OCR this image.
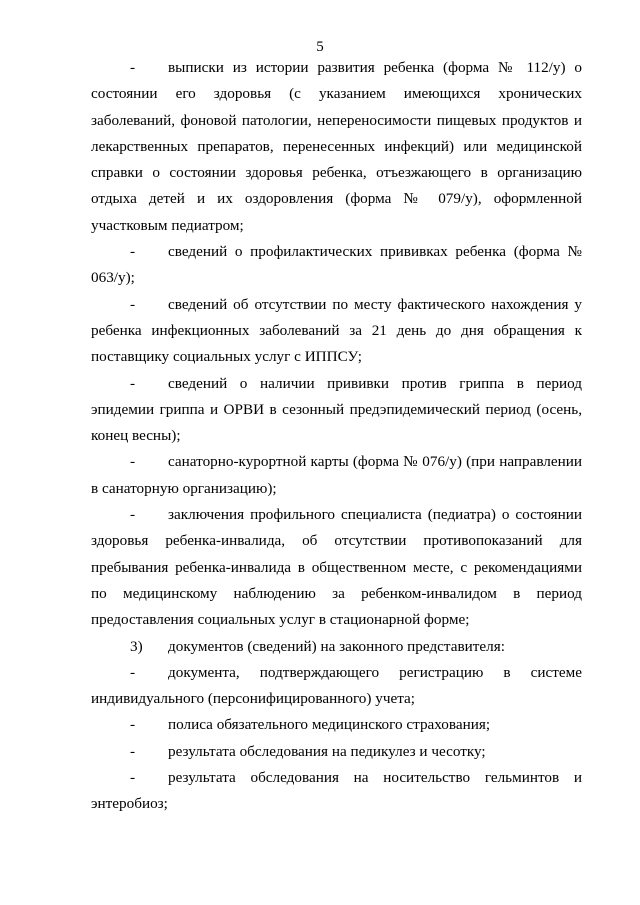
5

- выписки из истории развития ребенка (форма № 112/у) о состоянии его здоровья (с указанием имеющихся хронических заболеваний, фоновой патологии, непереносимости пищевых продуктов и лекарственных препаратов, перенесенных инфекций) или медицинской справки о состоянии здоровья ребенка, отъезжающего в организацию отдыха детей и их оздоровления (форма № 079/у), оформленной участковым педиатром;

- сведений о профилактических прививках ребенка (форма № 063/у);

- сведений об отсутствии по месту фактического нахождения у ребенка инфекционных заболеваний за 21 день до дня обращения к поставщику социальных услуг с ИППСУ;

- сведений о наличии прививки против гриппа в период эпидемии гриппа и ОРВИ в сезонный предэпидемический период (осень, конец весны);

- санаторно-курортной карты (форма № 076/у) (при направлении в санаторную организацию);

- заключения профильного специалиста (педиатра) о состоянии здоровья ребенка-инвалида, об отсутствии противопоказаний для пребывания ребенка-инвалида в общественном месте, с рекомендациями по медицинскому наблюдению за ребенком-инвалидом в период предоставления социальных услуг в стационарной форме;

3) документов (сведений) на законного представителя:

- документа, подтверждающего регистрацию в системе индивидуального (персонифицированного) учета;

- полиса обязательного медицинского страхования;

- результата обследования на педикулез и чесотку;

- результата обследования на носительство гельминтов и энтеробиоз;
